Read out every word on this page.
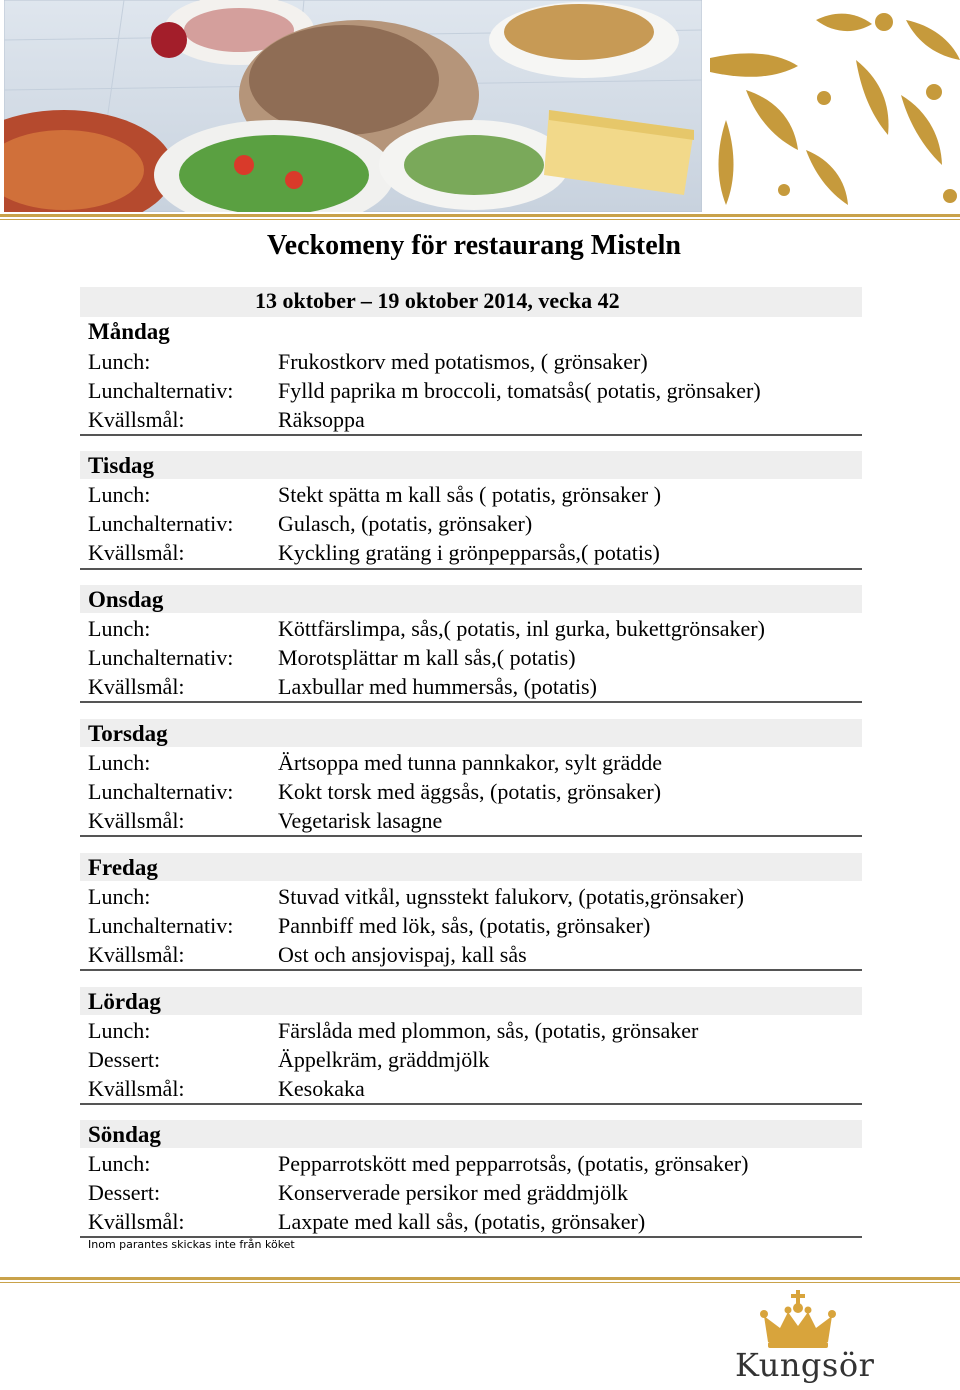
Veckomeny för restaurang Misteln
13 oktober – 19 oktober 2014, vecka 42
Måndag
Lunch:	Frukostkorv med potatismos, ( grönsaker)
Lunchalternativ: Fylld paprika m broccoli, tomatsås( potatis, grönsaker)
Kvällsmål:	Räksoppa
Tisdag
Lunch:	Stekt spätta m kall sås ( potatis, grönsaker )
Lunchalternativ: Gulasch, (potatis, grönsaker)
Kvällsmål:	Kyckling gratäng i grönpepparsås,( potatis)
Onsdag
Lunch:	Köttfärslimpa, sås,( potatis, inl gurka, bukettgrönsaker)
Lunchalternativ: Morotsplättar m kall sås,( potatis)
Kvällsmål:	Laxbullar med hummersås, (potatis)
Torsdag
Lunch:	Ärtsoppa med tunna pannkakor, sylt grädde
Lunchalternativ: Kokt torsk med äggsås, (potatis, grönsaker)
Kvällsmål:	Vegetarisk lasagne
Fredag
Lunch:	Stuvad vitkål, ugnsstekt falukorv, (potatis,grönsaker)
Lunchalternativ: Pannbiff med lök, sås, (potatis, grönsaker)
Kvällsmål:	Ost och ansjovispaj, kall sås
Lördag
Lunch:	Färslåda med plommon, sås, (potatis, grönsaker
Dessert:	Äppelkräm, gräddmjölk
Kvällsmål:	Kesokaka
Söndag
Lunch:	Pepparrotskött med pepparrotsås, (potatis, grönsaker)
Dessert:	Konserverade persikor med gräddmjölk
Kvällsmål:	Laxpate med kall sås, (potatis, grönsaker)
Inom parantes skickas inte från köket
Kungsör
